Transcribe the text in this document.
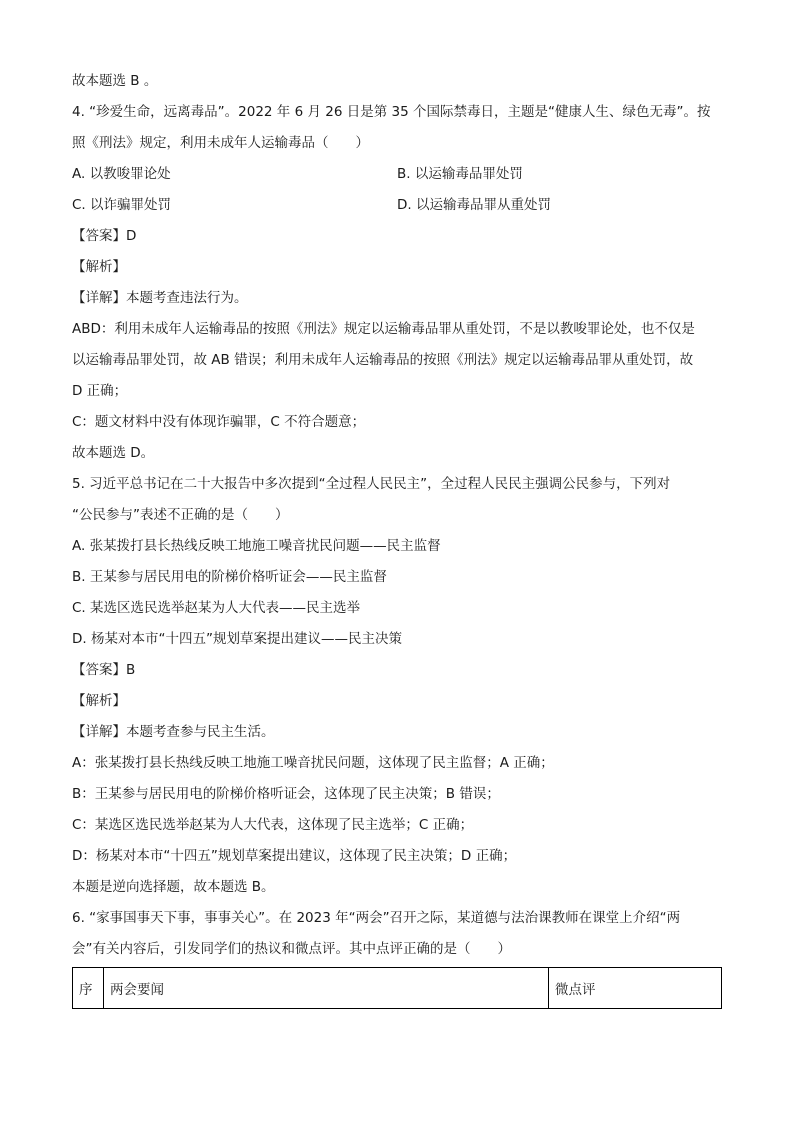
故本题选 B 。
4. “珍爱生命，远离毒品”。2022 年 6 月 26 日是第 35 个国际禁毒日，主题是“健康人生、绿色无毒”。按
照《刑法》规定，利用未成年人运输毒品（　　）
A. 以教唆罪论处	B. 以运输毒品罪处罚
C. 以诈骗罪处罚	D. 以运输毒品罪从重处罚
【答案】D
【解析】
【详解】本题考查违法行为。
ABD：利用未成年人运输毒品的按照《刑法》规定以运输毒品罪从重处罚，不是以教唆罪论处，也不仅是
以运输毒品罪处罚，故 AB 错误；利用未成年人运输毒品的按照《刑法》规定以运输毒品罪从重处罚，故
D 正确；
C：题文材料中没有体现诈骗罪，C 不符合题意；
故本题选 D。
5. 习近平总书记在二十大报告中多次提到“全过程人民民主”，全过程人民民主强调公民参与，下列对
“公民参与”表述不正确的是（　　）
A. 张某拨打县长热线反映工地施工噪音扰民问题——民主监督
B. 王某参与居民用电的阶梯价格听证会——民主监督
C. 某选区选民选举赵某为人大代表——民主选举
D. 杨某对本市“十四五”规划草案提出建议——民主决策
【答案】B
【解析】
【详解】本题考查参与民主生活。
A：张某拨打县长热线反映工地施工噪音扰民问题，这体现了民主监督；A 正确；
B：王某参与居民用电的阶梯价格听证会，这体现了民主决策；B 错误；
C：某选区选民选举赵某为人大代表，这体现了民主选举；C 正确；
D：杨某对本市“十四五”规划草案提出建议，这体现了民主决策；D 正确；
本题是逆向选择题，故本题选 B。
6. “家事国事天下事，事事关心”。在 2023 年“两会”召开之际，某道德与法治课教师在课堂上介绍“两
会”有关内容后，引发同学们的热议和微点评。其中点评正确的是（　　）
序	两会要闻	微点评
